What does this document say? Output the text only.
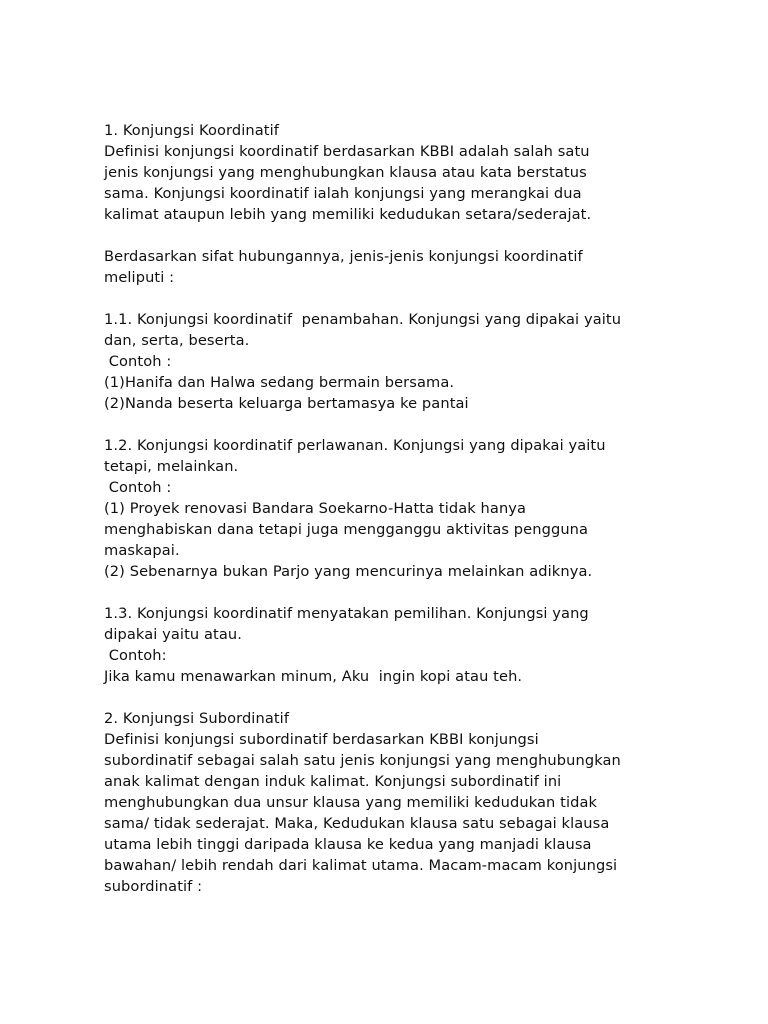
1. Konjungsi Koordinatif
Definisi konjungsi koordinatif berdasarkan KBBI adalah salah satu
jenis konjungsi yang menghubungkan klausa atau kata berstatus
sama. Konjungsi koordinatif ialah konjungsi yang merangkai dua
kalimat ataupun lebih yang memiliki kedudukan setara/sederajat.
Berdasarkan sifat hubungannya, jenis-jenis konjungsi koordinatif
meliputi :
1.1. Konjungsi koordinatif  penambahan. Konjungsi yang dipakai yaitu
dan, serta, beserta.
Contoh :
(1)Hanifa dan Halwa sedang bermain bersama.
(2)Nanda beserta keluarga bertamasya ke pantai
1.2. Konjungsi koordinatif perlawanan. Konjungsi yang dipakai yaitu
tetapi, melainkan.
Contoh :
(1) Proyek renovasi Bandara Soekarno-Hatta tidak hanya
menghabiskan dana tetapi juga mengganggu aktivitas pengguna
maskapai.
(2) Sebenarnya bukan Parjo yang mencurinya melainkan adiknya.
1.3. Konjungsi koordinatif menyatakan pemilihan. Konjungsi yang
dipakai yaitu atau.
Contoh:
Jika kamu menawarkan minum, Aku  ingin kopi atau teh.
2. Konjungsi Subordinatif
Definisi konjungsi subordinatif berdasarkan KBBI konjungsi
subordinatif sebagai salah satu jenis konjungsi yang menghubungkan
anak kalimat dengan induk kalimat. Konjungsi subordinatif ini
menghubungkan dua unsur klausa yang memiliki kedudukan tidak
sama/ tidak sederajat. Maka, Kedudukan klausa satu sebagai klausa
utama lebih tinggi daripada klausa ke kedua yang manjadi klausa
bawahan/ lebih rendah dari kalimat utama. Macam-macam konjungsi
subordinatif :
